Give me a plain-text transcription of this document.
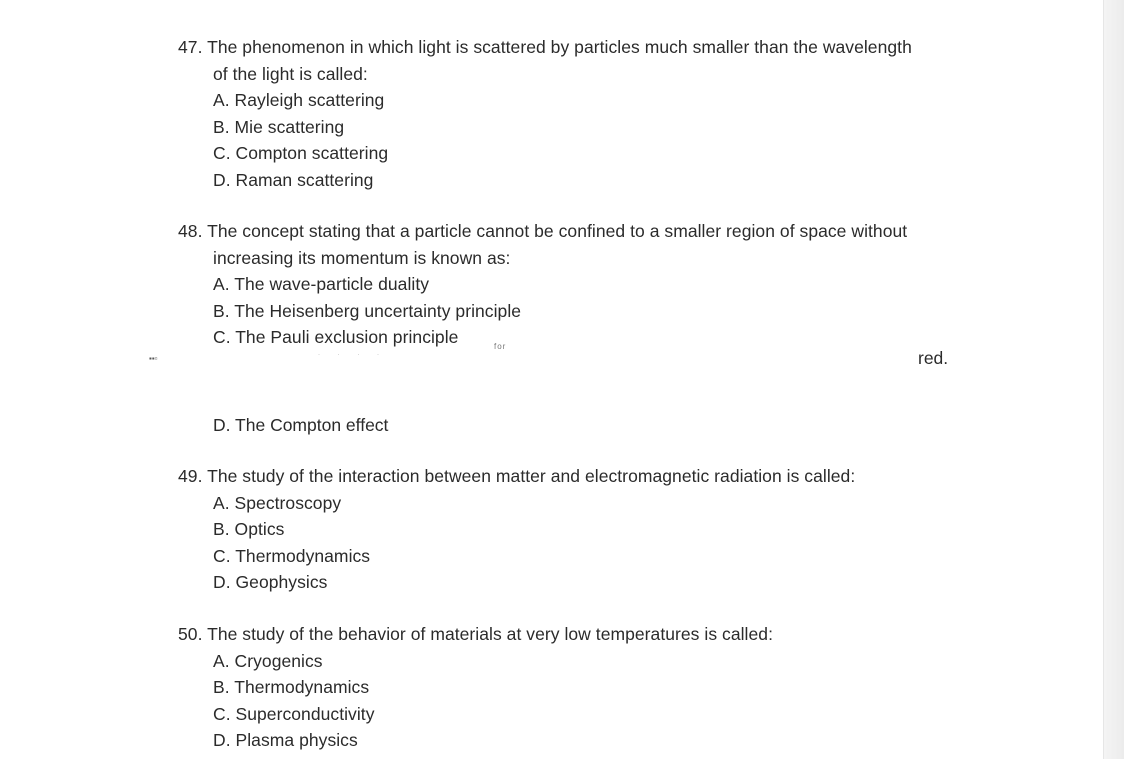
47. The phenomenon in which light is scattered by particles much smaller than the wavelength
of the light is called:
A. Rayleigh scattering
B. Mie scattering
C. Compton scattering
D. Raman scattering
48. The concept stating that a particle cannot be confined to a smaller region of space without
increasing its momentum is known as:
A. The wave-particle duality
B. The Heisenberg uncertainty principle
C. The Pauli exclusion principle
▪▪▫	· · · ·
for
red.
D. The Compton effect
49. The study of the interaction between matter and electromagnetic radiation is called:
A. Spectroscopy
B. Optics
C. Thermodynamics
D. Geophysics
50. The study of the behavior of materials at very low temperatures is called:
A. Cryogenics
B. Thermodynamics
C. Superconductivity
D. Plasma physics
